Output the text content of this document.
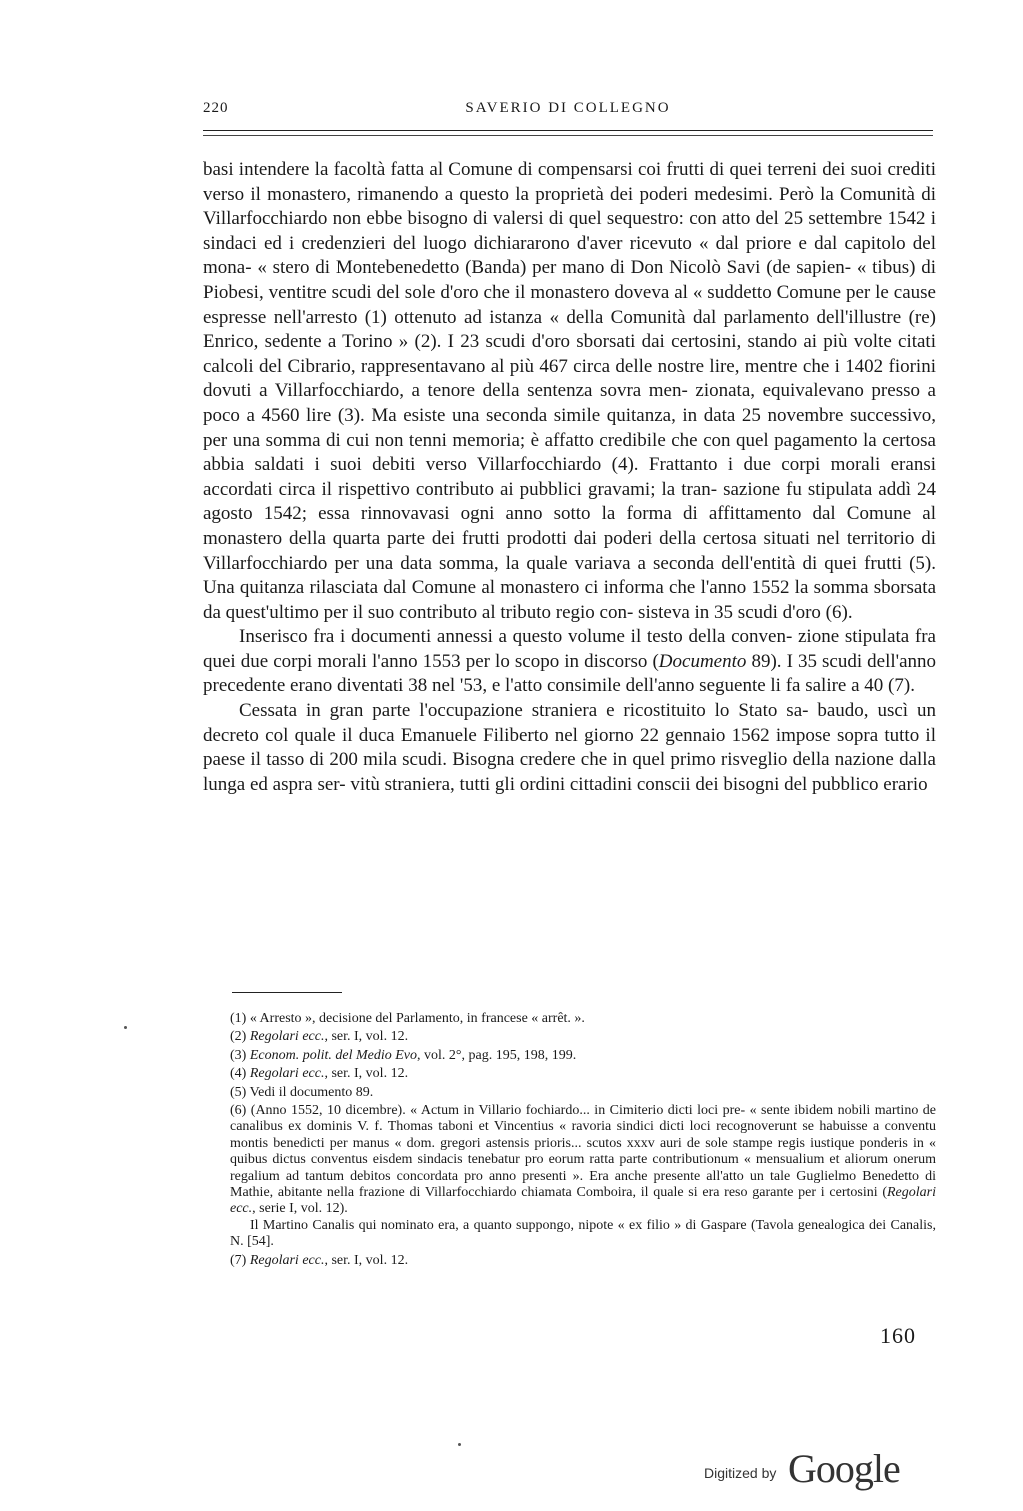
220	SAVERIO DI COLLEGNO

basi intendere la facoltà fatta al Comune di compensarsi coi frutti di quei terreni dei suoi crediti verso il monastero, rimanendo a questo la proprietà dei poderi medesimi. Però la Comunità di Villarfocchiardo non ebbe bisogno di valersi di quel sequestro: con atto del 25 settembre 1542 i sindaci ed i credenzieri del luogo dichiararono d'aver ricevuto « dal priore e dal capitolo del mona- « stero di Montebenedetto (Banda) per mano di Don Nicolò Savi (de sapien- « tibus) di Piobesi, ventitre scudi del sole d'oro che il monastero doveva al « suddetto Comune per le cause espresse nell'arresto (1) ottenuto ad istanza « della Comunità dal parlamento dell'illustre (re) Enrico, sedente a Torino » (2). I 23 scudi d'oro sborsati dai certosini, stando ai più volte citati calcoli del Cibrario, rappresentavano al più 467 circa delle nostre lire, mentre che i 1402 fiorini dovuti a Villarfocchiardo, a tenore della sentenza sovra men- zionata, equivalevano presso a poco a 4560 lire (3). Ma esiste una seconda simile quitanza, in data 25 novembre successivo, per una somma di cui non tenni memoria; è affatto credibile che con quel pagamento la certosa abbia saldati i suoi debiti verso Villarfocchiardo (4). Frattanto i due corpi morali eransi accordati circa il rispettivo contributo ai pubblici gravami; la tran- sazione fu stipulata addì 24 agosto 1542; essa rinnovavasi ogni anno sotto la forma di affittamento dal Comune al monastero della quarta parte dei frutti prodotti dai poderi della certosa situati nel territorio di Villarfocchiardo per una data somma, la quale variava a seconda dell'entità di quei frutti (5). Una quitanza rilasciata dal Comune al monastero ci informa che l'anno 1552 la somma sborsata da quest'ultimo per il suo contributo al tributo regio con- sisteva in 35 scudi d'oro (6).

Inserisco fra i documenti annessi a questo volume il testo della conven- zione stipulata fra quei due corpi morali l'anno 1553 per lo scopo in discorso (Documento 89). I 35 scudi dell'anno precedente erano diventati 38 nel '53, e l'atto consimile dell'anno seguente li fa salire a 40 (7).

Cessata in gran parte l'occupazione straniera e ricostituito lo Stato sa- baudo, uscì un decreto col quale il duca Emanuele Filiberto nel giorno 22 gennaio 1562 impose sopra tutto il paese il tasso di 200 mila scudi. Bisogna credere che in quel primo risveglio della nazione dalla lunga ed aspra ser- vitù straniera, tutti gli ordini cittadini conscii dei bisogni del pubblico erario

(1) « Arresto », decisione del Parlamento, in francese « arrêt. ».

(2) Regolari ecc., ser. I, vol. 12.

(3) Econom. polit. del Medio Evo, vol. 2°, pag. 195, 198, 199.

(4) Regolari ecc., ser. I, vol. 12.

(5) Vedi il documento 89.

(6) (Anno 1552, 10 dicembre). « Actum in Villario fochiardo... in Cimiterio dicti loci pre- « sente ibidem nobili martino de canalibus ex dominis V. f. Thomas taboni et Vincentius « ravoria sindici dicti loci recognoverunt se habuisse a conventu montis benedicti per manus « dom. gregori astensis prioris... scutos xxxv auri de sole stampe regis iustique ponderis in « quibus dictus conventus eisdem sindacis tenebatur pro eorum ratta parte contributionum « mensualium et aliorum onerum regalium ad tantum debitos concordata pro anno presenti ». Era anche presente all'atto un tale Guglielmo Benedetto di Mathie, abitante nella frazione di Villarfocchiardo chiamata Comboira, il quale si era reso garante per i certosini (Regolari ecc., serie I, vol. 12).

Il Martino Canalis qui nominato era, a quanto suppongo, nipote « ex filio » di Gaspare (Tavola genealogica dei Canalis, N. [54].

(7) Regolari ecc., ser. I, vol. 12.

160
Digitized by Google
